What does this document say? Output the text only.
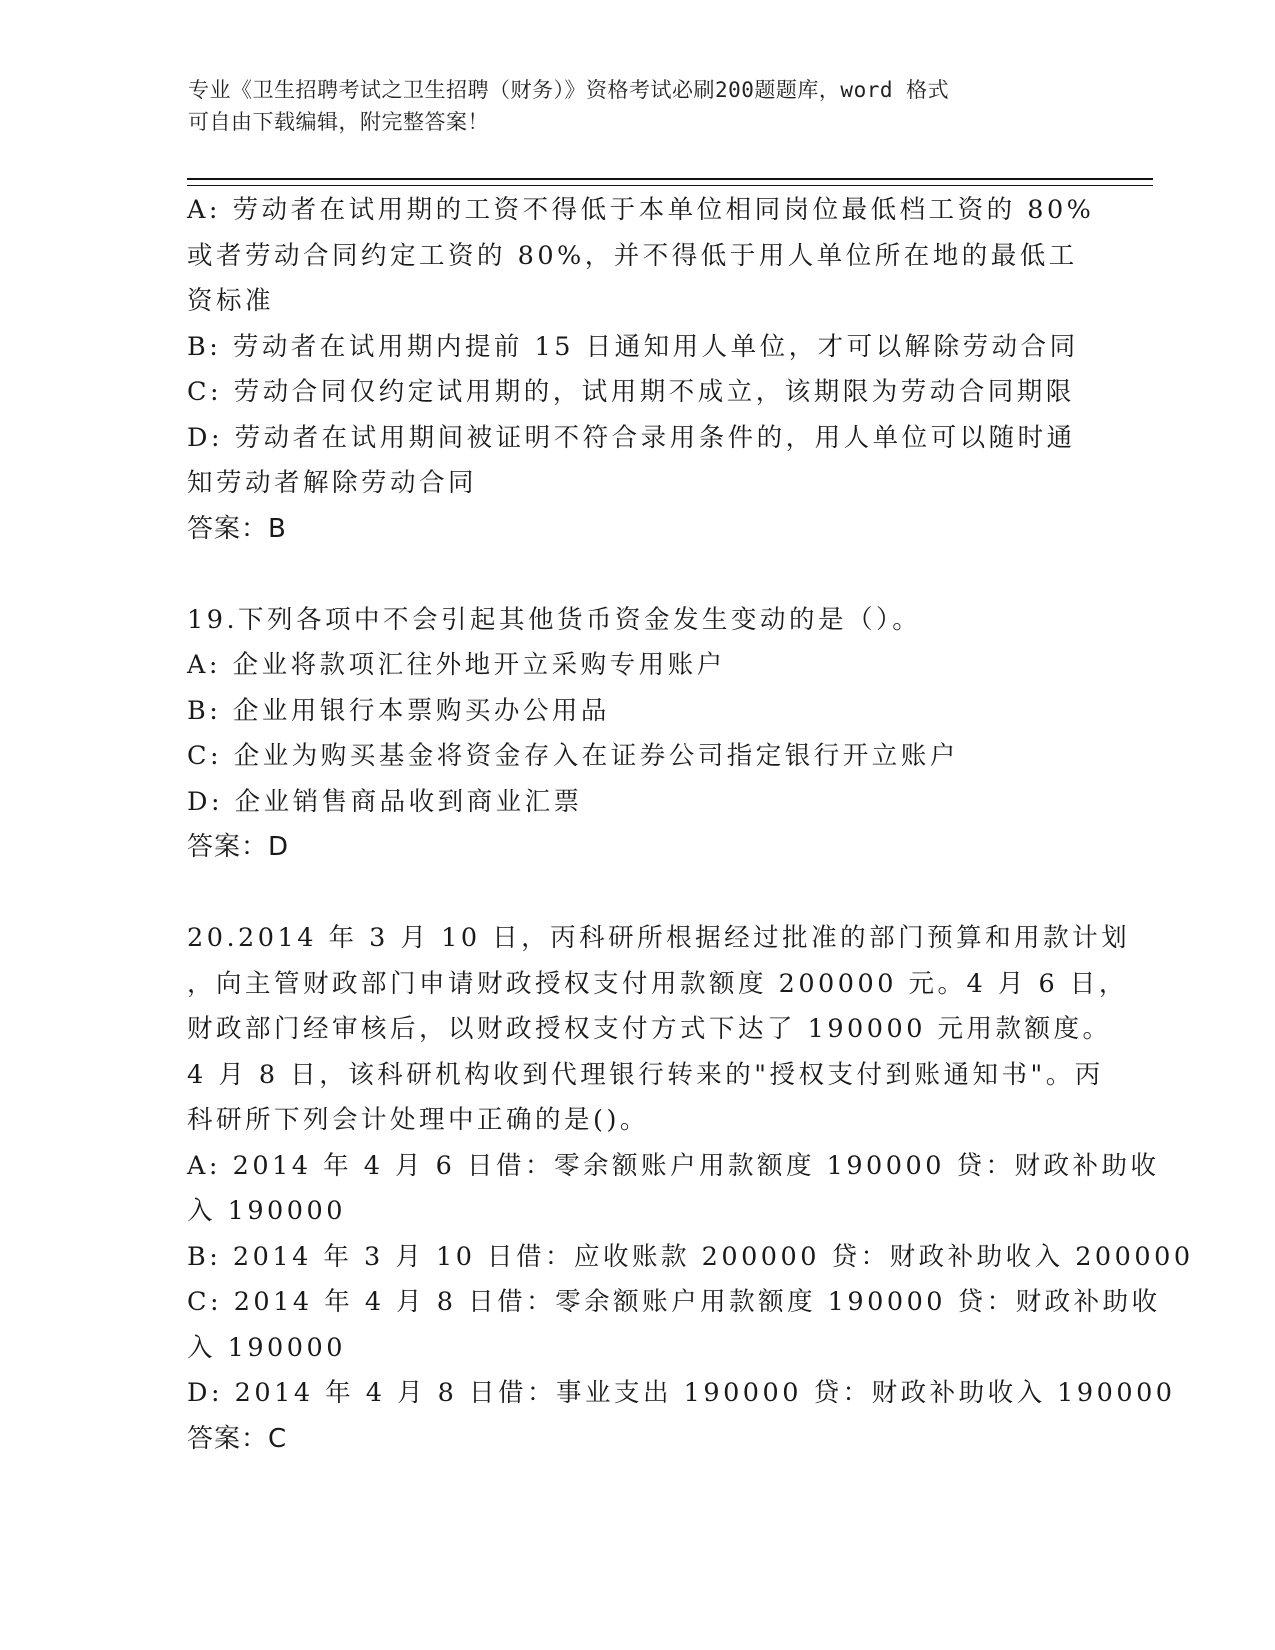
专业《卫生招聘考试之卫生招聘（财务）》资格考试必刷200题题库，word 格式
可自由下载编辑，附完整答案！
A: 劳动者在试用期的工资不得低于本单位相同岗位最低档工资的 80%
或者劳动合同约定工资的 80%，并不得低于用人单位所在地的最低工
资标准
B: 劳动者在试用期内提前 15 日通知用人单位，才可以解除劳动合同
C: 劳动合同仅约定试用期的，试用期不成立，该期限为劳动合同期限
D: 劳动者在试用期间被证明不符合录用条件的，用人单位可以随时通
知劳动者解除劳动合同
答案：B
19.下列各项中不会引起其他货币资金发生变动的是（）。
A: 企业将款项汇往外地开立采购专用账户
B: 企业用银行本票购买办公用品
C: 企业为购买基金将资金存入在证券公司指定银行开立账户
D: 企业销售商品收到商业汇票
答案：D
20.2014 年 3 月 10 日，丙科研所根据经过批准的部门预算和用款计划
，向主管财政部门申请财政授权支付用款额度 200000 元。4 月 6 日，
财政部门经审核后，以财政授权支付方式下达了 190000 元用款额度。
4 月 8 日，该科研机构收到代理银行转来的"授权支付到账通知书"。丙
科研所下列会计处理中正确的是()。
A: 2014 年 4 月 6 日借：零余额账户用款额度 190000 贷：财政补助收
入 190000
B: 2014 年 3 月 10 日借：应收账款 200000 贷：财政补助收入 200000
C: 2014 年 4 月 8 日借：零余额账户用款额度 190000 贷：财政补助收
入 190000
D: 2014 年 4 月 8 日借：事业支出 190000 贷：财政补助收入 190000
答案：C
